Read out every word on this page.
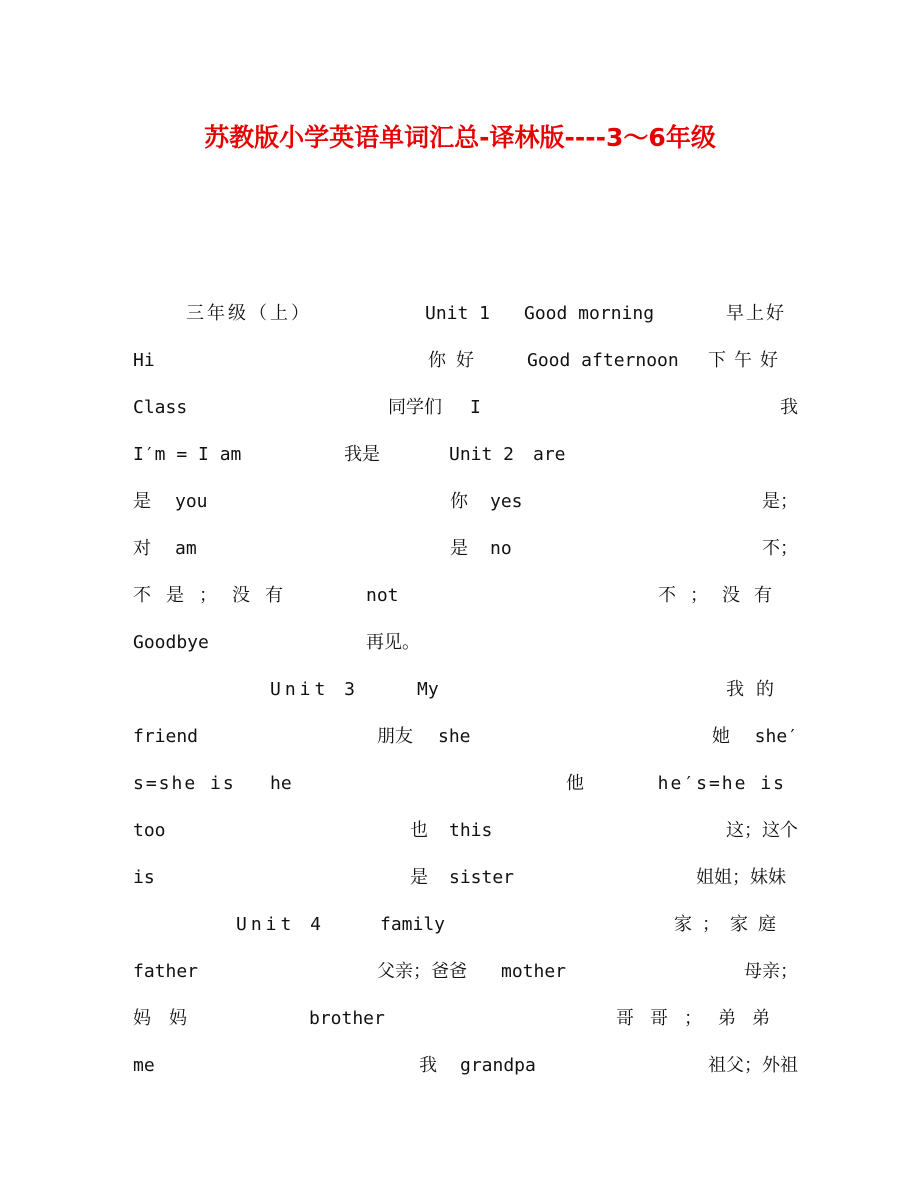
苏教版小学英语单词汇总-译林版----3～6年级
三年级（上）	Unit 1 Good morning	早上好
Hi	你好 Good afternoon 下午好
Class	同学们 I	我
I′m = I am	我是	Unit 2 are
是 you	你 yes	是；
对 am	是 no	不；
不是；没有	not	不；没有
Goodbye	再见。
Unit 3	My	我的
friend	朋友 she	她 she′
s=she is he	他	he′s=he is
too	也 this	这；这个
is	是 sister	姐姐；妹妹
Unit 4	family	家；家庭
father	父亲；爸爸 mother	母亲；
妈妈	brother	哥哥；弟弟
me	我 grandpa	祖父；外祖
